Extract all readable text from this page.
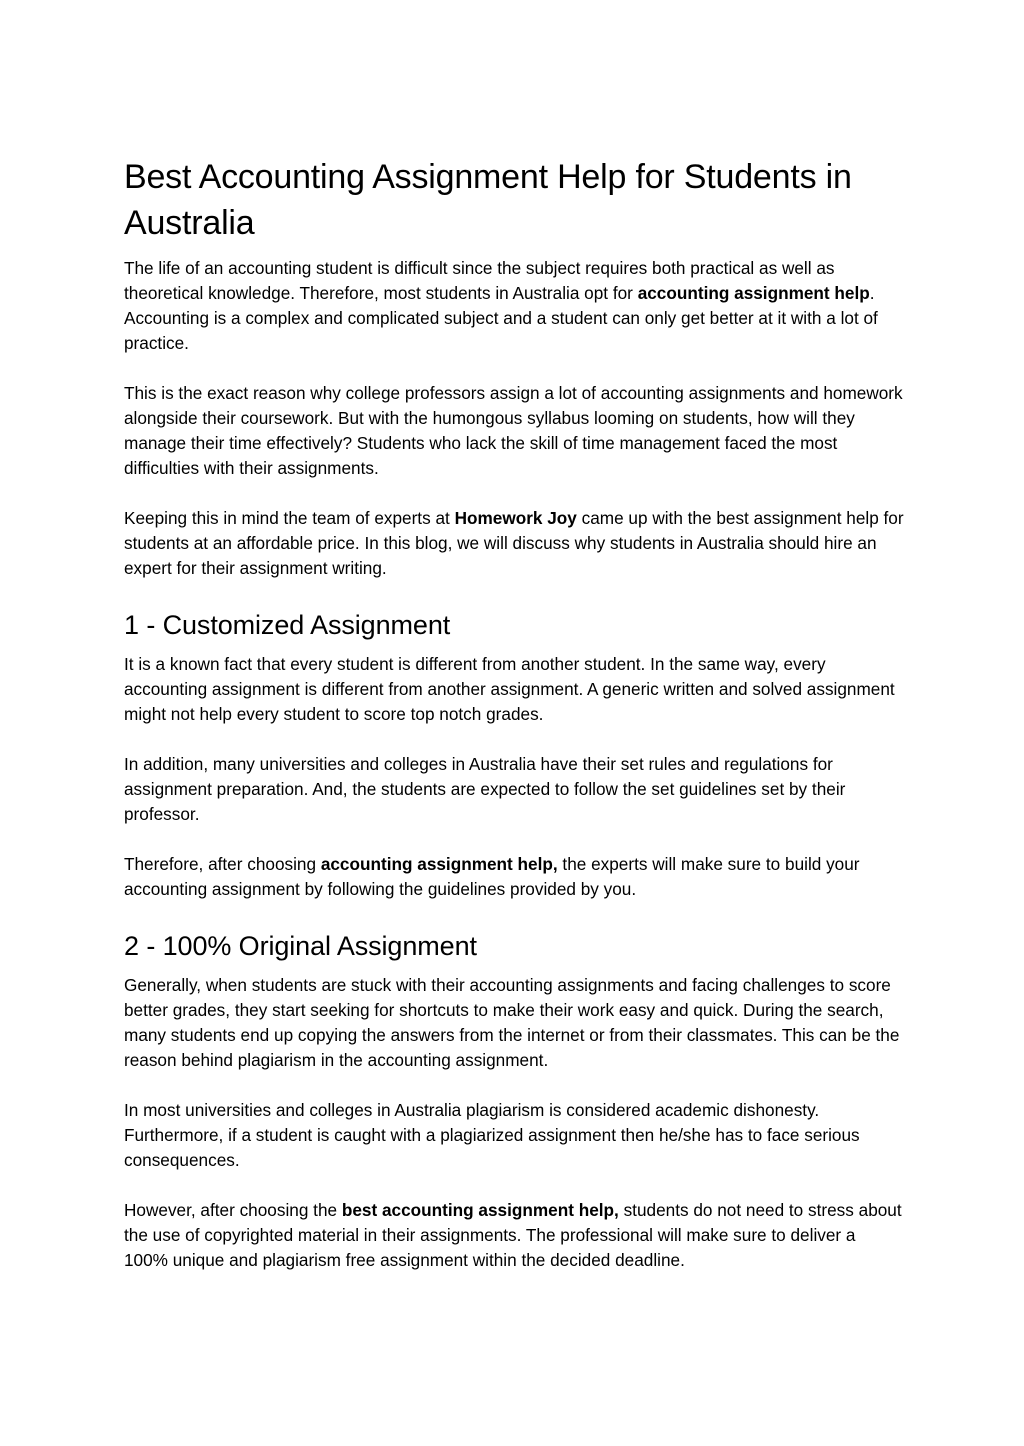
Best Accounting Assignment Help for Students in Australia

The life of an accounting student is difficult since the subject requires both practical as well as theoretical knowledge. Therefore, most students in Australia opt for accounting assignment help. Accounting is a complex and complicated subject and a student can only get better at it with a lot of practice.

This is the exact reason why college professors assign a lot of accounting assignments and homework alongside their coursework. But with the humongous syllabus looming on students, how will they manage their time effectively? Students who lack the skill of time management faced the most difficulties with their assignments.

Keeping this in mind the team of experts at Homework Joy came up with the best assignment help for students at an affordable price. In this blog, we will discuss why students in Australia should hire an expert for their assignment writing.

1 - Customized Assignment

It is a known fact that every student is different from another student. In the same way, every accounting assignment is different from another assignment. A generic written and solved assignment might not help every student to score top notch grades.

In addition, many universities and colleges in Australia have their set rules and regulations for assignment preparation. And, the students are expected to follow the set guidelines set by their professor.

Therefore, after choosing accounting assignment help, the experts will make sure to build your accounting assignment by following the guidelines provided by you.

2 - 100% Original Assignment

Generally, when students are stuck with their accounting assignments and facing challenges to score better grades, they start seeking for shortcuts to make their work easy and quick. During the search, many students end up copying the answers from the internet or from their classmates. This can be the reason behind plagiarism in the accounting assignment.

In most universities and colleges in Australia plagiarism is considered academic dishonesty. Furthermore, if a student is caught with a plagiarized assignment then he/she has to face serious consequences.

However, after choosing the best accounting assignment help, students do not need to stress about the use of copyrighted material in their assignments. The professional will make sure to deliver a 100% unique and plagiarism free assignment within the decided deadline.
